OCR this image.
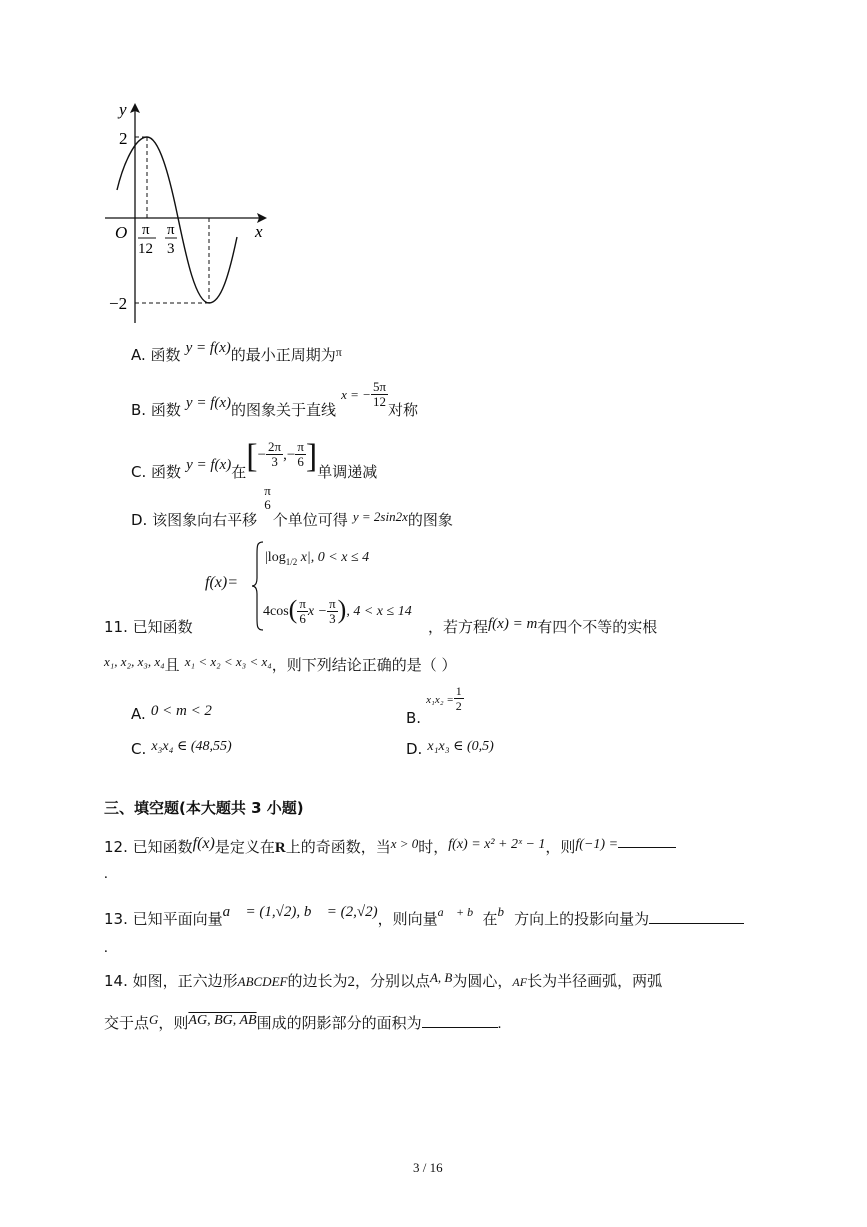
y
x
O
2
−2
π
12
π
3
A. 函数 y = f(x)的最小正周期为$^\pi$
B. 函数 y = f(x)的图象关于直线 x = − $\frac{5\pi}{12}$
对称
C. 函数 y = f(x)在[− $\frac{2\pi}{3}$ ,− $\frac{\pi}{6}$ ]单调递减
D. 该图象向右平移
π
6
个单位可得 $_{y = 2sin2x}$的图象
f(x)=
$|\log_{1/2}$ x|, 0 < x ≤ 4
$4\cos( \frac{\pi}{6}$ $x - \frac{\pi}{3}$ ), 4 < x ≤ 14
11. 已知函数	，若方程f(x) = m有四个不等的实根
x₁, x₂, x₃, x₄且 x₁ < x₂ < x₃ < x₄，则下列结论正确的是（ ）
A. 0 < m < 2	B. $x_1x_2 = \frac{1}{2}$
C. x₃x₄ ∈ (48,55)	D. x₁x₃ ∈ (0,5)
三、填空题(本大题共 3 小题)
12. 已知函数f(x)是定义在R上的奇函数，当x > 0时，f(x) = x² + 2ˣ − 1，则f(−1) =
.
13. 已知平面向量a⃗ = (1,√2), b⃗ = (2,√2)，则向量a⃗ + b⃗在b⃗方向上的投影向量为
.
14. 如图，正六边形ABCDEF的边长为2，分别以点$^{A, B}$为圆心，AF长为半径画弧，两弧
交于点G，则AG, BG, AB围成的阴影部分的面积为	.
3 / 16
